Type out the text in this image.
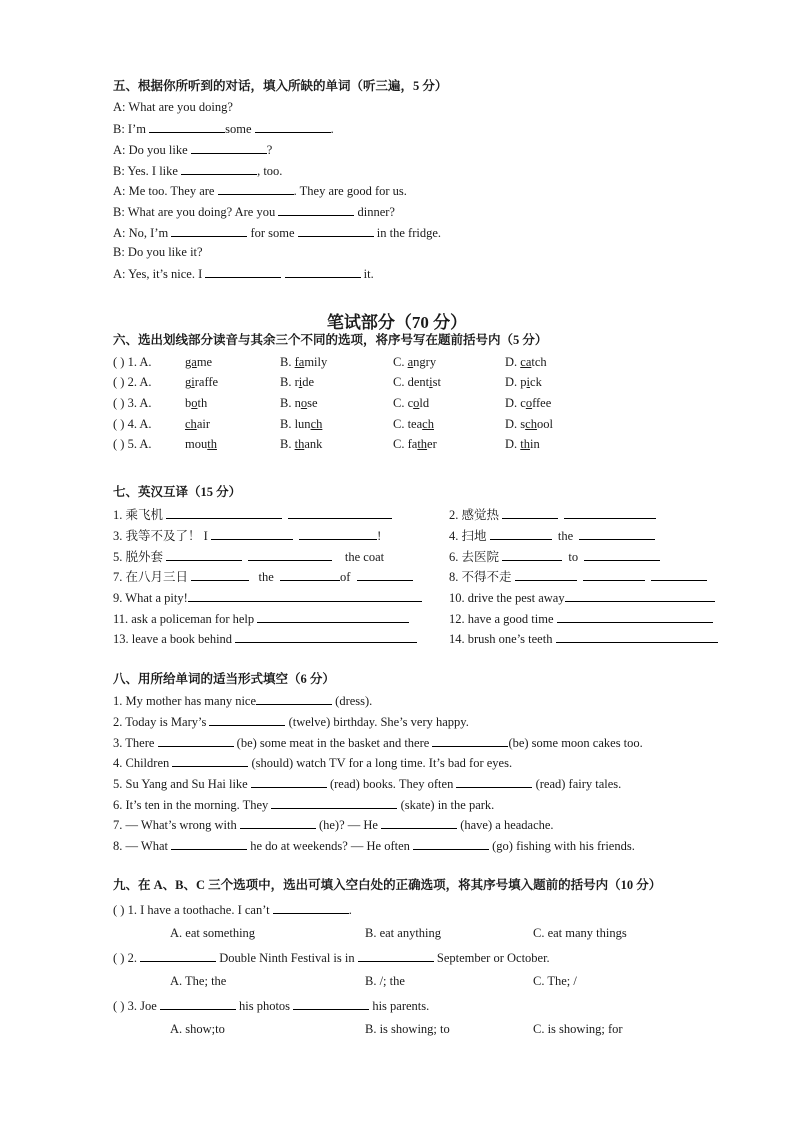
五、根据你所听到的对话，填入所缺的单词（听三遍，5 分）
A: What are you doing?
B: I’m	some	.
A: Do you like	?
B: Yes. I like	, too.
A: Me too. They are	. They are good for us.
B: What are you doing? Are you	dinner?
A: No, I’m	for some	in the fridge.
B: Do you like it?
A: Yes, it’s nice. I	it.
笔试部分（70 分）
六、选出划线部分读音与其余三个不同的选项，将序号写在题前括号内（5 分）
( ) 1. A.	game	B. family	C. angry	D. catch
( ) 2. A.	giraffe	B. ride	C. dentist	D. pick
( ) 3. A.	both	B. nose	C. cold	D. coffee
( ) 4. A.	chair	B. lunch	C. teach	D. school
( ) 5. A.	mouth	B. thank	C. father	D. thin
七、英汉互译（15 分）
1. 乘飞机	2. 感觉热
3. 我等不及了！ I	!	4. 扫地	the
5. 脱外套	the coat	6. 去医院	to
7. 在八月三日	the	of	8. 不得不走
9. What a pity!	10. drive the pest away
11. ask a policeman for help	12. have a good time
13. leave a book behind	14. brush one’s teeth
八、用所给单词的适当形式填空（6 分）
1. My mother has many nice	(dress).
2. Today is Mary’s	(twelve) birthday. She’s very happy.
3. There	(be) some meat in the basket and there	(be) some moon cakes too.
4. Children	(should) watch TV for a long time. It’s bad for eyes.
5. Su Yang and Su Hai like	(read) books. They often	(read) fairy tales.
6. It’s ten in the morning. They	(skate) in the park.
7. — What’s wrong with	(he)? — He	(have) a headache.
8. — What	he do at weekends? — He often	(go) fishing with his friends.
九、在 A、B、C 三个选项中，选出可填入空白处的正确选项，将其序号填入题前的括号内（10 分）
( ) 1. I have a toothache. I can’t	.
A. eat something	B. eat anything	C. eat many things
( ) 2.	Double Ninth Festival is in	September or October.
A. The; the	B. /; the	C. The; /
( ) 3. Joe	his photos	his parents.
A. show;to	B. is showing; to	C. is showing; for
